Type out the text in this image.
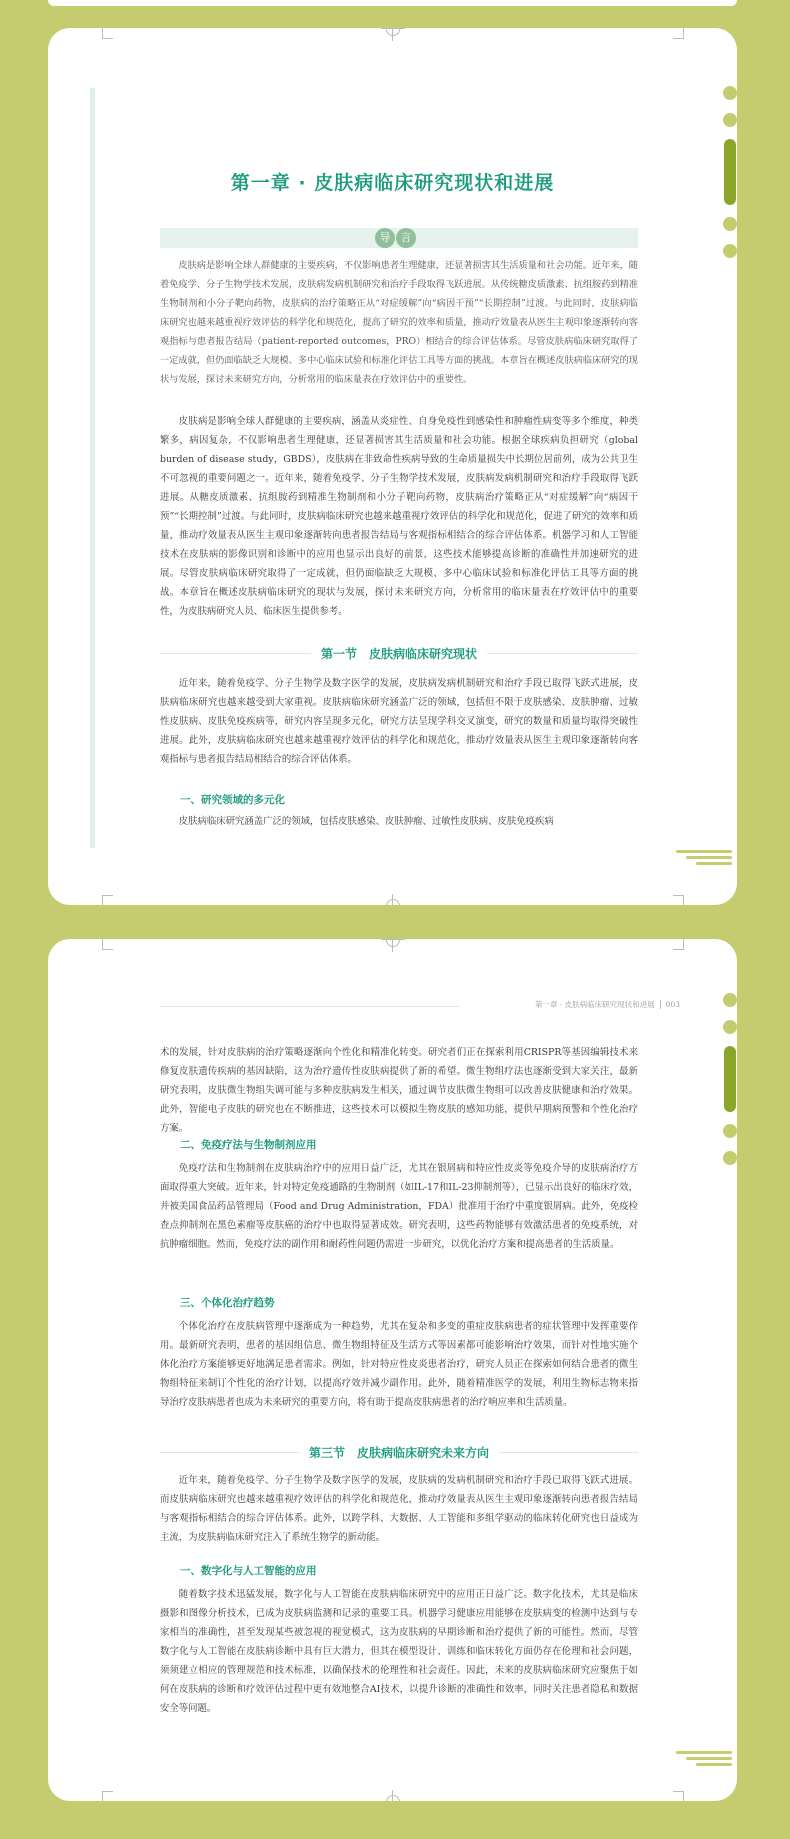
第一章 · 皮肤病临床研究现状和进展
导 言
皮肤病是影响全球人群健康的主要疾病，不仅影响患者生理健康，还显著损害其生活质量和社会功能。近年来，随着免疫学、分子生物学技术发展，皮肤病发病机制研究和治疗手段取得飞跃进展。从传统糖皮质激素、抗组胺药到精准生物制剂和小分子靶向药物，皮肤病的治疗策略正从“对症缓解”向“病因干预”“长期控制”过渡。与此同时，皮肤病临床研究也越来越重视疗效评估的科学化和规范化，提高了研究的效率和质量，推动疗效量表从医生主观印象逐渐转向客观指标与患者报告结局（patient-reported outcomes，PRO）相结合的综合评估体系。尽管皮肤病临床研究取得了一定成就，但仍面临缺乏大规模、多中心临床试验和标准化评估工具等方面的挑战。本章旨在概述皮肤病临床研究的现状与发展，探讨未来研究方向，分析常用的临床量表在疗效评估中的重要性。
皮肤病是影响全球人群健康的主要疾病，涵盖从炎症性、自身免疫性到感染性和肿瘤性病变等多个维度，种类繁多，病因复杂，不仅影响患者生理健康，还显著损害其生活质量和社会功能。根据全球疾病负担研究（global burden of disease study，GBDS），皮肤病在非致命性疾病导致的生命质量损失中长期位居前列，成为公共卫生不可忽视的重要问题之一。近年来，随着免疫学、分子生物学技术发展，皮肤病发病机制研究和治疗手段取得飞跃进展。从糖皮质激素、抗组胺药到精准生物制剂和小分子靶向药物，皮肤病治疗策略正从“对症缓解”向“病因干预”“长期控制”过渡。与此同时，皮肤病临床研究也越来越重视疗效评估的科学化和规范化，促进了研究的效率和质量，推动疗效量表从医生主观印象逐渐转向患者报告结局与客观指标相结合的综合评估体系。机器学习和人工智能技术在皮肤病的影像识别和诊断中的应用也显示出良好的前景，这些技术能够提高诊断的准确性并加速研究的进展。尽管皮肤病临床研究取得了一定成就，但仍面临缺乏大规模、多中心临床试验和标准化评估工具等方面的挑战。本章旨在概述皮肤病临床研究的现状与发展，探讨未来研究方向，分析常用的临床量表在疗效评估中的重要性，为皮肤病研究人员、临床医生提供参考。
第一节　皮肤病临床研究现状
近年来，随着免疫学、分子生物学及数字医学的发展，皮肤病发病机制研究和治疗手段已取得飞跃式进展，皮肤病临床研究也越来越受到大家重视。皮肤病临床研究涵盖广泛的领域，包括但不限于皮肤感染、皮肤肿瘤、过敏性皮肤病、皮肤免疫疾病等，研究内容呈现多元化，研究方法呈现学科交叉演变，研究的数量和质量均取得突破性进展。此外，皮肤病临床研究也越来越重视疗效评估的科学化和规范化，推动疗效量表从医生主观印象逐渐转向客观指标与患者报告结局相结合的综合评估体系。
一、研究领域的多元化
皮肤病临床研究涵盖广泛的领域，包括皮肤感染、皮肤肿瘤、过敏性皮肤病、皮肤免疫疾病
第一章 · 皮肤病临床研究现状和进展 003
术的发展，针对皮肤病的治疗策略逐渐向个性化和精准化转变。研究者们正在探索利用CRISPR等基因编辑技术来修复皮肤遗传疾病的基因缺陷，这为治疗遗传性皮肤病提供了新的希望。微生物组疗法也逐渐受到大家关注，最新研究表明，皮肤微生物组失调可能与多种皮肤病发生相关，通过调节皮肤微生物组可以改善皮肤健康和治疗效果。此外，智能电子皮肤的研究也在不断推进，这些技术可以模拟生物皮肤的感知功能，提供早期病预警和个性化治疗方案。
二、免疫疗法与生物制剂应用
免疫疗法和生物制剂在皮肤病治疗中的应用日益广泛，尤其在银屑病和特应性皮炎等免疫介导的皮肤病治疗方面取得重大突破。近年来，针对特定免疫通路的生物制剂（如IL-17和IL-23抑制剂等），已显示出良好的临床疗效，并被美国食品药品管理局（Food and Drug Administration，FDA）批准用于治疗中重度银屑病。此外，免疫检查点抑制剂在黑色素瘤等皮肤癌的治疗中也取得显著成效。研究表明，这些药物能够有效激活患者的免疫系统，对抗肿瘤细胞。然而，免疫疗法的副作用和耐药性问题仍需进一步研究，以优化治疗方案和提高患者的生活质量。
三、个体化治疗趋势
个体化治疗在皮肤病管理中逐渐成为一种趋势，尤其在复杂和多变的重症皮肤病患者的症状管理中发挥重要作用。最新研究表明，患者的基因组信息、微生物组特征及生活方式等因素都可能影响治疗效果，而针对性地实施个体化治疗方案能够更好地满足患者需求。例如，针对特应性皮炎患者治疗，研究人员正在探索如何结合患者的微生物组特征来制订个性化的治疗计划，以提高疗效并减少副作用。此外，随着精准医学的发展，利用生物标志物来指导治疗皮肤病患者也成为未来研究的重要方向，将有助于提高皮肤病患者的治疗响应率和生活质量。
第三节　皮肤病临床研究未来方向
近年来，随着免疫学、分子生物学及数字医学的发展，皮肤病的发病机制研究和治疗手段已取得飞跃式进展。而皮肤病临床研究也越来越重视疗效评估的科学化和规范化，推动疗效量表从医生主观印象逐渐转向患者报告结局与客观指标相结合的综合评估体系。此外，以跨学科、大数据、人工智能和多组学驱动的临床转化研究也日益成为主流，为皮肤病临床研究注入了系统生物学的新动能。
一、数字化与人工智能的应用
随着数字技术迅猛发展，数字化与人工智能在皮肤病临床研究中的应用正日益广泛。数字化技术，尤其是临床摄影和图像分析技术，已成为皮肤病监测和记录的重要工具。机器学习健康应用能够在皮肤病变的检测中达到与专家相当的准确性，甚至发现某些被忽视的视觉模式，这为皮肤病的早期诊断和治疗提供了新的可能性。然而，尽管数字化与人工智能在皮肤病诊断中具有巨大潜力，但其在模型设计、训练和临床转化方面仍存在伦理和社会问题，须须建立相应的管理规范和技术标准，以确保技术的伦理性和社会责任。因此，未来的皮肤病临床研究应聚焦于如何在皮肤病的诊断和疗效评估过程中更有效地整合AI技术，以提升诊断的准确性和效率，同时关注患者隐私和数据安全等问题。
